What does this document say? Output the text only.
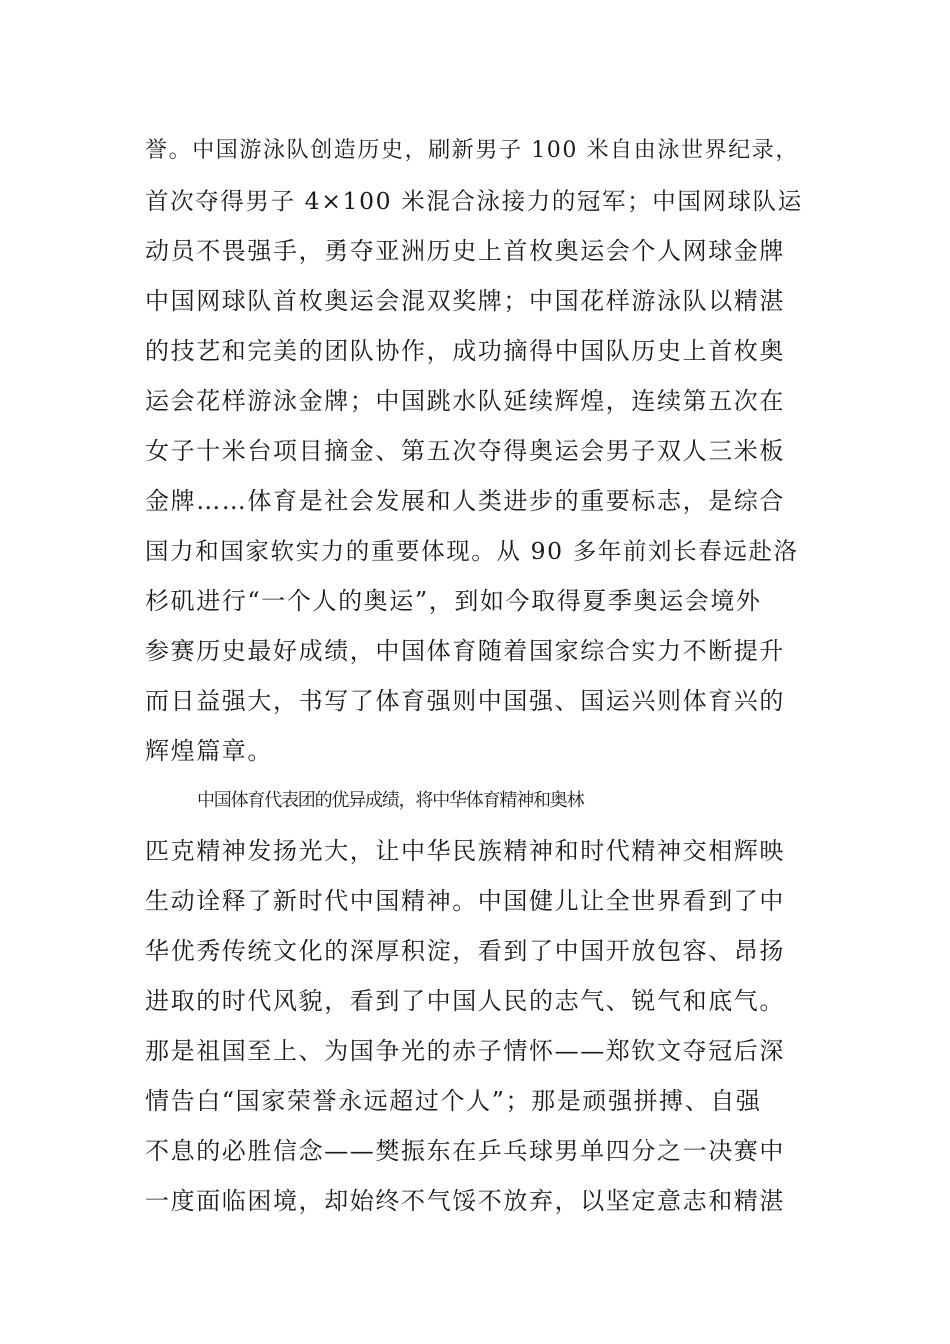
誉。中国游泳队创造历史，刷新男子 100 米自由泳世界纪录，
首次夺得男子 4×100 米混合泳接力的冠军；中国网球队运
动员不畏强手，勇夺亚洲历史上首枚奥运会个人网球金牌
中国网球队首枚奥运会混双奖牌；中国花样游泳队以精湛
的技艺和完美的团队协作，成功摘得中国队历史上首枚奥
运会花样游泳金牌；中国跳水队延续辉煌，连续第五次在
女子十米台项目摘金、第五次夺得奥运会男子双人三米板
金牌……体育是社会发展和人类进步的重要标志，是综合
国力和国家软实力的重要体现。从 90 多年前刘长春远赴洛
杉矶进行“一个人的奥运”，到如今取得夏季奥运会境外
参赛历史最好成绩，中国体育随着国家综合实力不断提升
而日益强大，书写了体育强则中国强、国运兴则体育兴的
辉煌篇章。
中国体育代表团的优异成绩，将中华体育精神和奥林
匹克精神发扬光大，让中华民族精神和时代精神交相辉映
生动诠释了新时代中国精神。中国健儿让全世界看到了中
华优秀传统文化的深厚积淀，看到了中国开放包容、昂扬
进取的时代风貌，看到了中国人民的志气、锐气和底气。
那是祖国至上、为国争光的赤子情怀——郑钦文夺冠后深
情告白“国家荣誉永远超过个人”；那是顽强拼搏、自强
不息的必胜信念——樊振东在乒乓球男单四分之一决赛中
一度面临困境，却始终不气馁不放弃，以坚定意志和精湛
